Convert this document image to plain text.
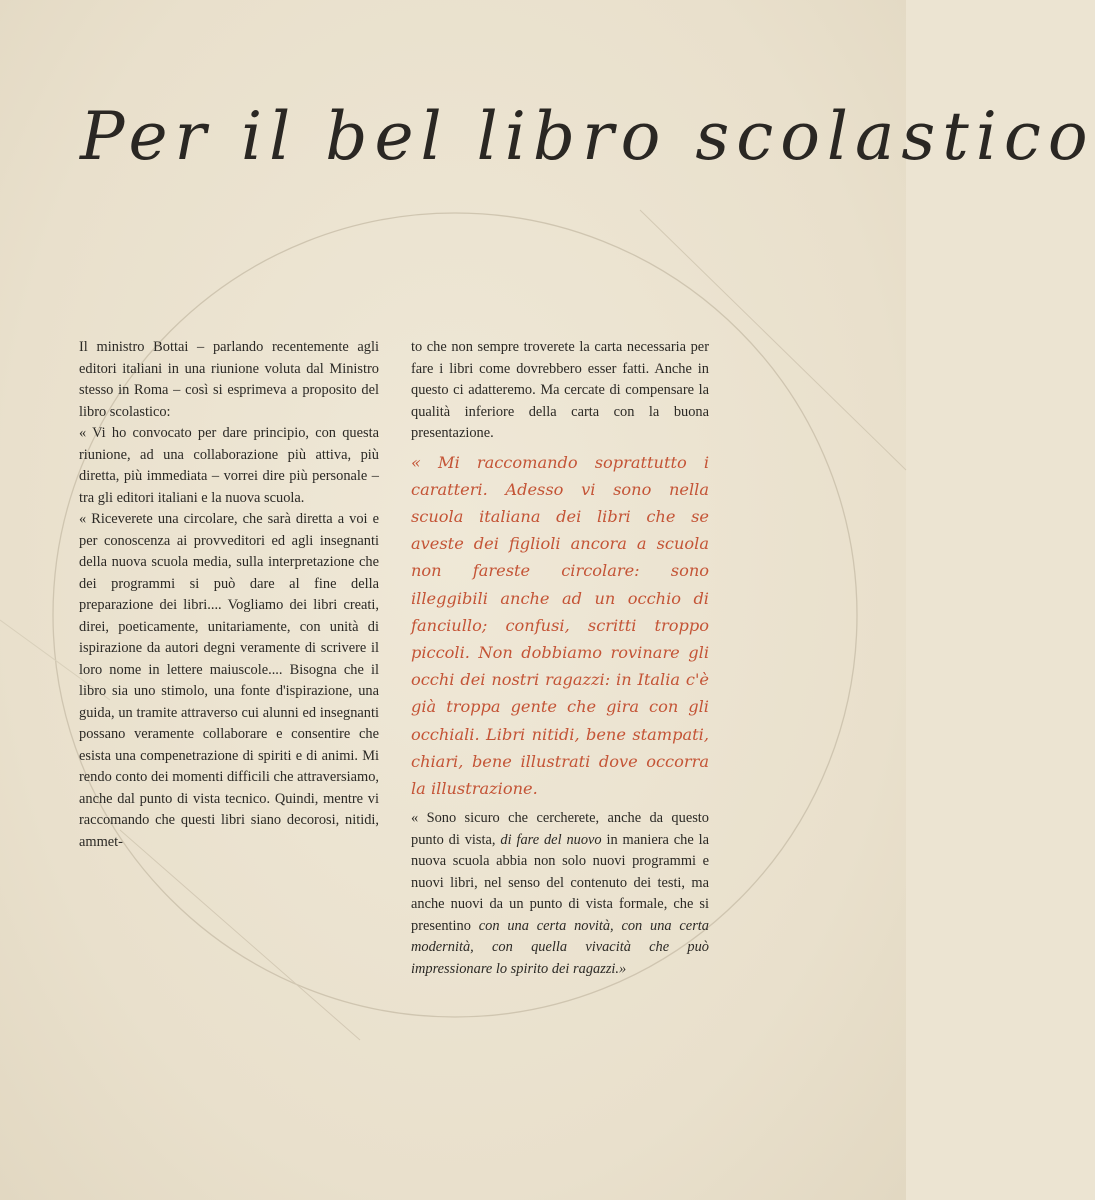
Per il bel libro scolastico

Il ministro Bottai – parlando recentemente agli editori italiani in una riunione voluta dal Ministro stesso in Roma – così si esprimeva a proposito del libro scolastico:

« Vi ho convocato per dare principio, con questa riunione, ad una collaborazione più attiva, più diretta, più immediata – vorrei dire più personale – tra gli editori italiani e la nuova scuola.

« Riceverete una circolare, che sarà diretta a voi e per conoscenza ai provveditori ed agli insegnanti della nuova scuola media, sulla interpretazione che dei programmi si può dare al fine della preparazione dei libri.... Vogliamo dei libri creati, direi, poeticamente, unitariamente, con unità di ispirazione da autori degni veramente di scrivere il loro nome in lettere maiuscole.... Bisogna che il libro sia uno stimolo, una fonte d'ispirazione, una guida, un tramite attraverso cui alunni ed insegnanti possano veramente collaborare e consentire che esista una compenetrazione di spiriti e di animi. Mi rendo conto dei momenti difficili che attraversiamo, anche dal punto di vista tecnico. Quindi, mentre vi raccomando che questi libri siano decorosi, nitidi, ammet-

to che non sempre troverete la carta necessaria per fare i libri come dovrebbero esser fatti. Anche in questo ci adatteremo. Ma cercate di compensare la qualità inferiore della carta con la buona presentazione.

« Mi raccomando soprattutto i caratteri. Adesso vi sono nella scuola italiana dei libri che se aveste dei figlioli ancora a scuola non fareste circolare: sono illeggibili anche ad un occhio di fanciullo; confusi, scritti troppo piccoli. Non dobbiamo rovinare gli occhi dei nostri ragazzi: in Italia c'è già troppa gente che gira con gli occhiali. Libri nitidi, bene stampati, chiari, bene illustrati dove occorra la illustrazione.

« Sono sicuro che cercherete, anche da questo punto di vista, di fare del nuovo in maniera che la nuova scuola abbia non solo nuovi programmi e nuovi libri, nel senso del contenuto dei testi, ma anche nuovi da un punto di vista formale, che si presentino con una certa novità, con una certa modernità, con quella vivacità che può impressionare lo spirito dei ragazzi.»
